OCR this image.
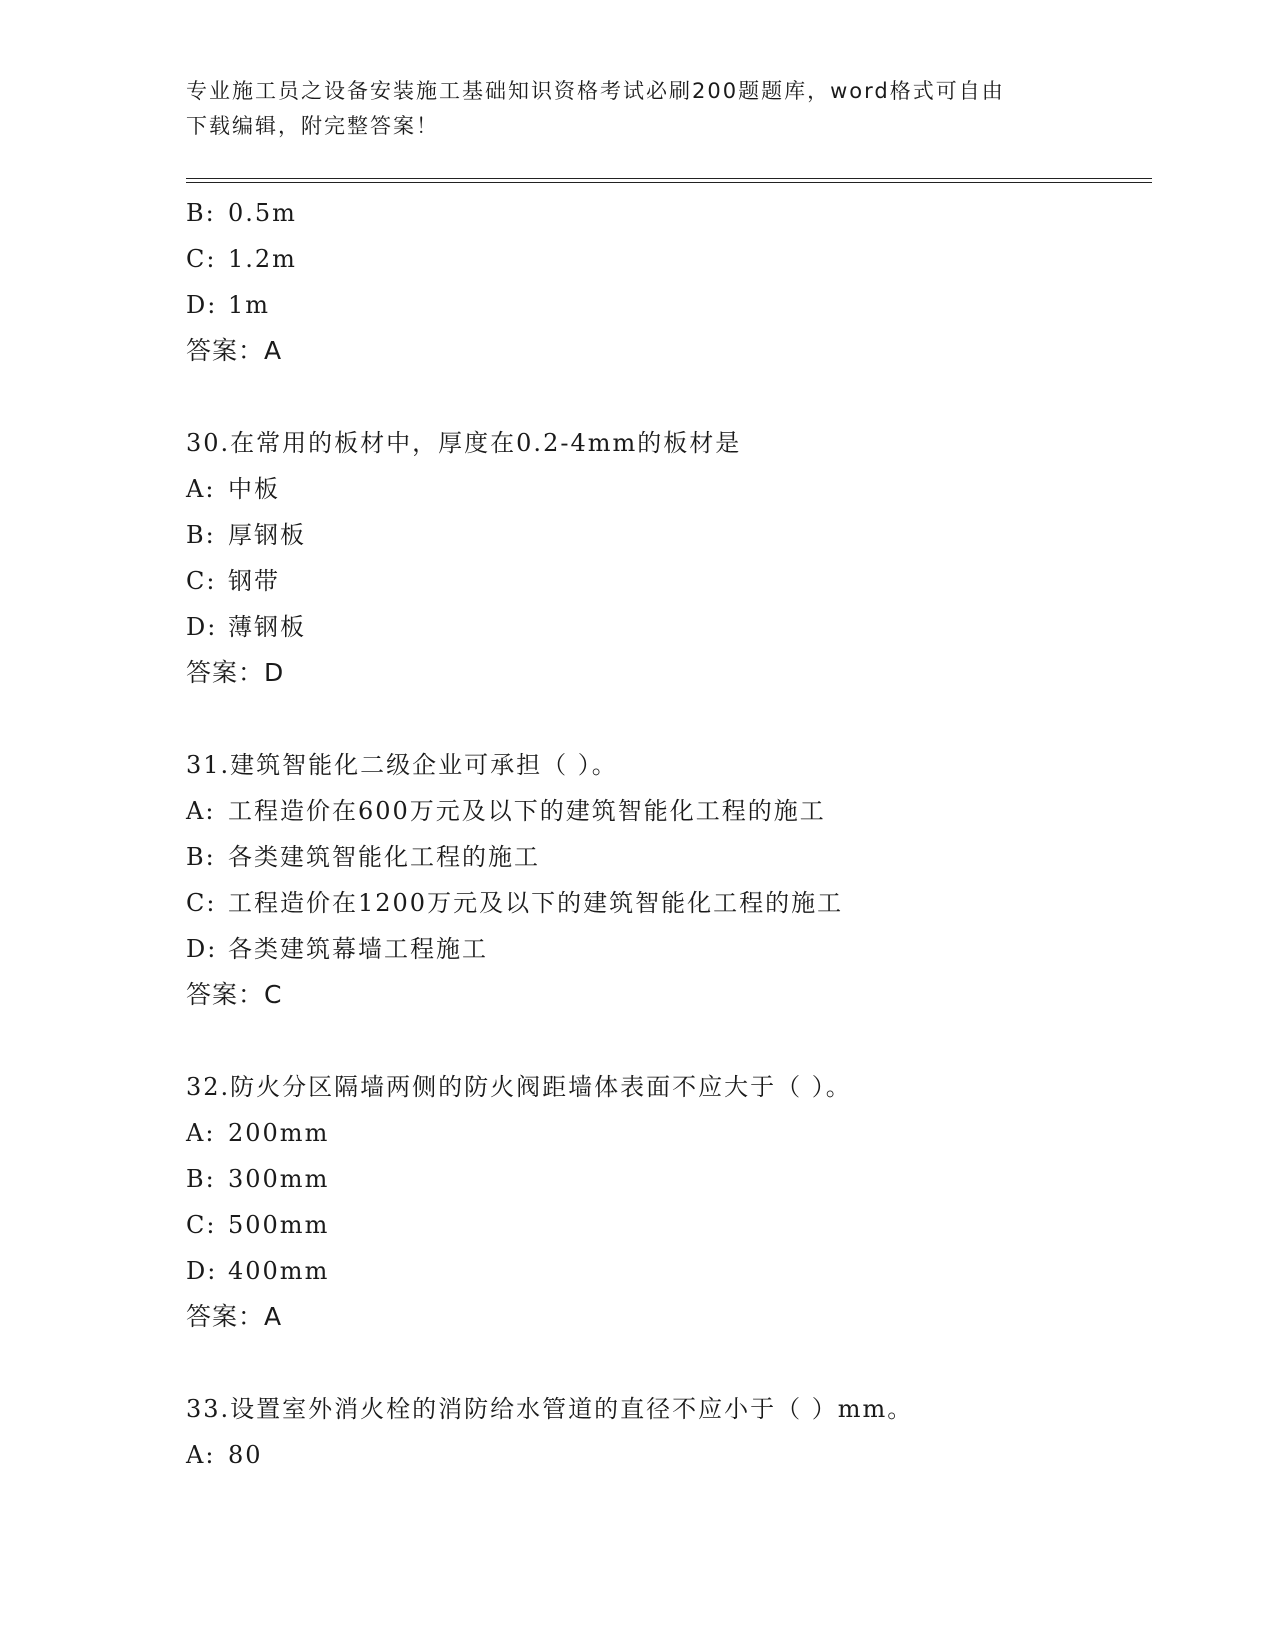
专业施工员之设备安装施工基础知识资格考试必刷200题题库，word格式可自由
下载编辑，附完整答案！
B: 0.5m
C: 1.2m
D: 1m
答案：A
30.在常用的板材中，厚度在0.2-4mm的板材是
A: 中板
B: 厚钢板
C: 钢带
D: 薄钢板
答案：D
31.建筑智能化二级企业可承担（ ）。
A: 工程造价在600万元及以下的建筑智能化工程的施工
B: 各类建筑智能化工程的施工
C: 工程造价在1200万元及以下的建筑智能化工程的施工
D: 各类建筑幕墙工程施工
答案：C
32.防火分区隔墙两侧的防火阀距墙体表面不应大于（ ）。
A: 200mm
B: 300mm
C: 500mm
D: 400mm
答案：A
33.设置室外消火栓的消防给水管道的直径不应小于（ ）mm。
A: 80
